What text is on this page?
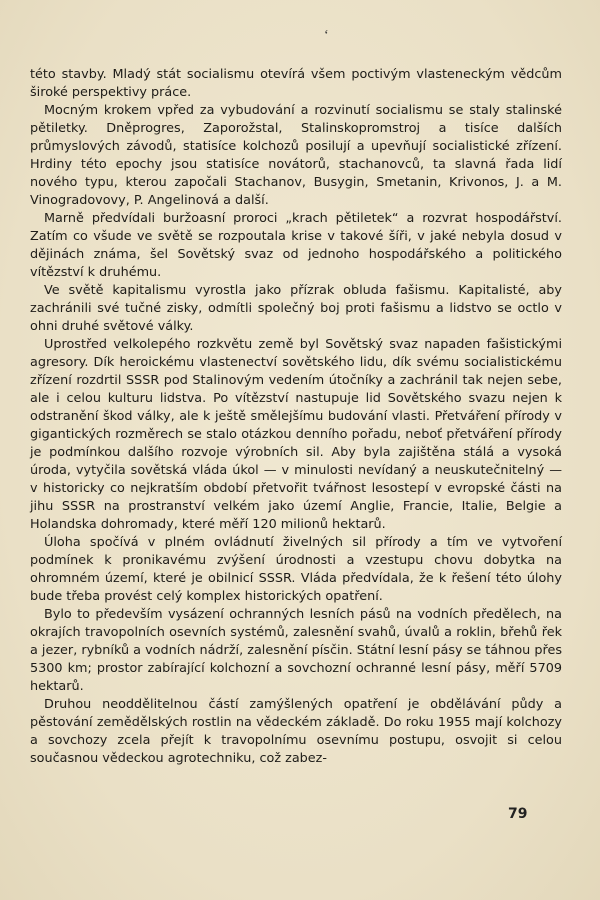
ʻ

této stavby. Mladý stát socialismu otevírá všem poctivým vlasteneckým vědcům široké perspektivy práce.

Mocným krokem vpřed za vybudování a rozvinutí socialismu se staly stalinské pětiletky. Dněprogres, Zaporožstal, Stalinskopromstroj a tisíce dalších průmyslových závodů, statisíce kolchozů posilují a upevňují socialistické zřízení. Hrdiny této epochy jsou statisíce novátorů, stachanovců, ta slavná řada lidí nového typu, kterou započali Stachanov, Busygin, Smetanin, Krivonos, J. a M. Vinogradovovy, P. Angelinová a další.

Marně předvídali buržoasní proroci „krach pětiletek“ a rozvrat hospodářství. Zatím co všude ve světě se rozpoutala krise v takové šíři, v jaké nebyla dosud v dějinách známa, šel Sovětský svaz od jednoho hospodářského a politického vítězství k druhému.

Ve světě kapitalismu vyrostla jako přízrak obluda fašismu. Kapitalisté, aby zachránili své tučné zisky, odmítli společný boj proti fašismu a lidstvo se octlo v ohni druhé světové války.

Uprostřed velkolepého rozkvětu země byl Sovětský svaz napaden fašistickými agresory. Dík heroickému vlastenectví sovětského lidu, dík svému socialistickému zřízení rozdrtil SSSR pod Stalinovým vedením útočníky a zachránil tak nejen sebe, ale i celou kulturu lidstva. Po vítězství nastupuje lid Sovětského svazu nejen k odstranění škod války, ale k ještě smělejšímu budování vlasti. Přetváření přírody v gigantických rozměrech se stalo otázkou denního pořadu, neboť přetváření přírody je podmínkou dalšího rozvoje výrobních sil. Aby byla zajištěna stálá a vysoká úroda, vytyčila sovětská vláda úkol — v minulosti nevídaný a neuskutečnitelný — v historicky co nejkratším období přetvořit tvářnost lesostepí v evropské části na jihu SSSR na prostranství velkém jako území Anglie, Francie, Italie, Belgie a Holandska dohromady, které měří 120 milionů hektarů.

Úloha spočívá v plném ovládnutí živelných sil přírody a tím ve vytvoření podmínek k pronikavému zvýšení úrodnosti a vzestupu chovu dobytka na ohromném území, které je obilnicí SSSR. Vláda předvídala, že k řešení této úlohy bude třeba provést celý komplex historických opatření.

Bylo to především vysázení ochranných lesních pásů na vodních předělech, na okrajích travopolních osevních systémů, zalesnění svahů, úvalů a roklin, břehů řek a jezer, rybníků a vodních nádrží, zalesnění písčin. Státní lesní pásy se táhnou přes 5300 km; prostor zabírající kolchozní a sovchozní ochranné lesní pásy, měří 5709 hektarů.

Druhou neoddělitelnou částí zamýšlených opatření je obdělávání půdy a pěstování zemědělských rostlin na vědeckém základě. Do roku 1955 mají kolchozy a sovchozy zcela přejít k travopolnímu osevnímu postupu, osvojit si celou současnou vědeckou agrotechniku, což zabez-

79
